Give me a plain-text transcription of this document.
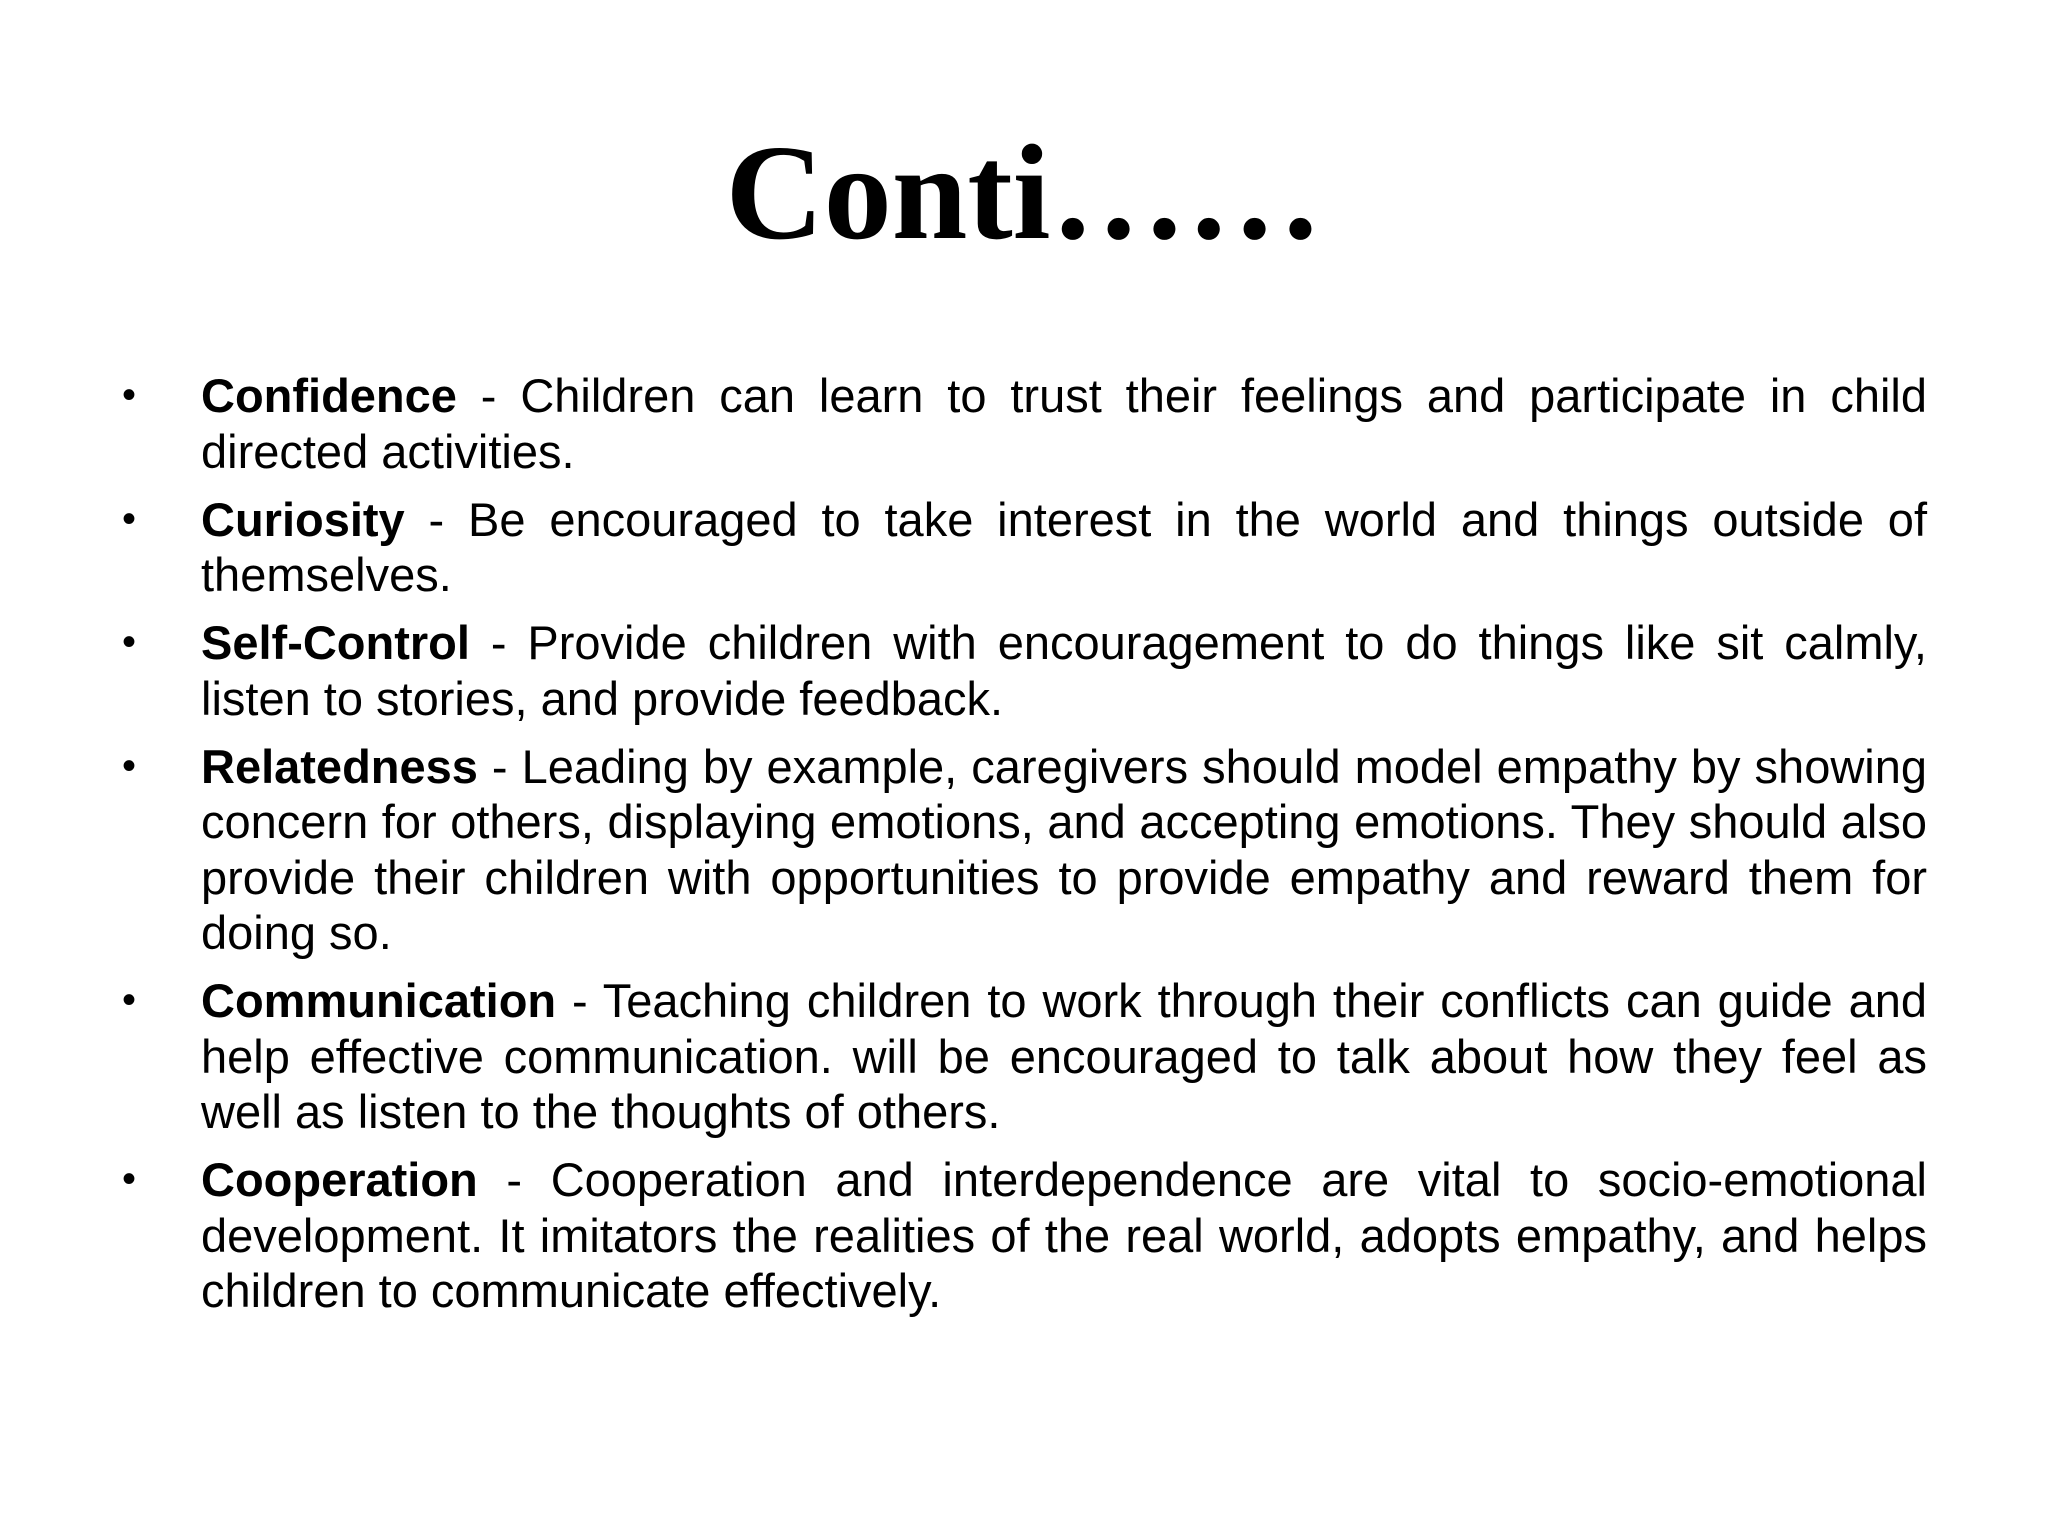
Conti……
• Confidence - Children can learn to trust their feelings and participate in child directed activities.
• Curiosity - Be encouraged to take interest in the world and things outside of themselves.
• Self-Control - Provide children with encouragement to do things like sit calmly, listen to stories, and provide feedback.
• Relatedness - Leading by example, caregivers should model empathy by showing concern for others, displaying emotions, and accepting emotions. They should also provide their children with opportunities to provide empathy and reward them for doing so.
• Communication - Teaching children to work through their conflicts can guide and help effective communication. will be encouraged to talk about how they feel as well as listen to the thoughts of others.
• Cooperation - Cooperation and interdependence are vital to socio-emotional development. It imitators the realities of the real world, adopts empathy, and helps children to communicate effectively.
